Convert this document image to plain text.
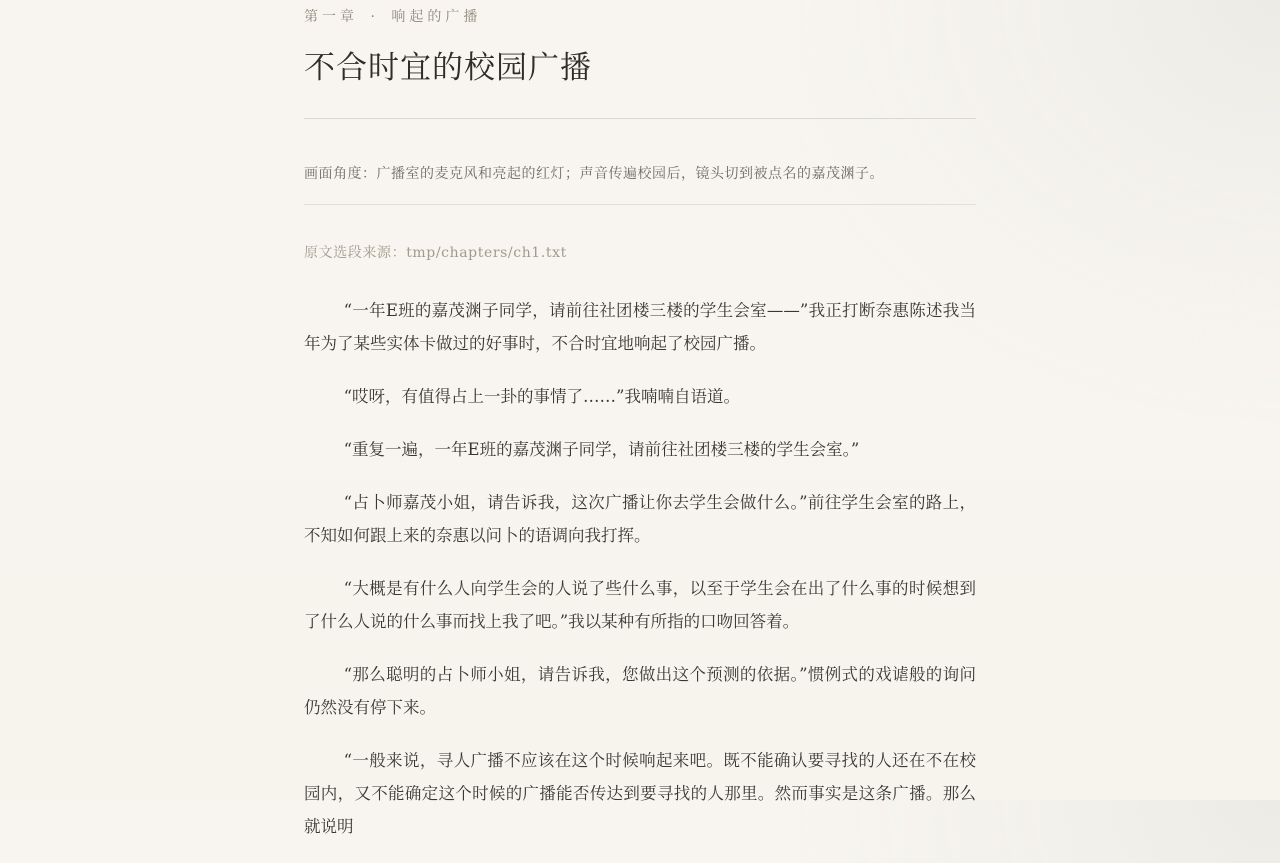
第一章 · 响起的广播
不合时宜的校园广播
画面角度：广播室的麦克风和亮起的红灯；声音传遍校园后，镜头切到被点名的嘉茂渊子。
原文选段来源：tmp/chapters/ch1.txt

“一年E班的嘉茂渊子同学，请前往社团楼三楼的学生会室——”我正打断奈惠陈述我当年为了某些实体卡做过的好事时，不合时宜地响起了校园广播。

“哎呀，有值得占上一卦的事情了……”我喃喃自语道。

“重复一遍，一年E班的嘉茂渊子同学，请前往社团楼三楼的学生会室。”

“占卜师嘉茂小姐，请告诉我，这次广播让你去学生会做什么。”前往学生会室的路上，不知如何跟上来的奈惠以问卜的语调向我打挥。

“大概是有什么人向学生会的人说了些什么事，以至于学生会在出了什么事的时候想到了什么人说的什么事而找上我了吧。”我以某种有所指的口吻回答着。

“那么聪明的占卜师小姐，请告诉我，您做出这个预测的依据。”惯例式的戏谑般的询问仍然没有停下来。

“一般来说，寻人广播不应该在这个时候响起来吧。既不能确认要寻找的人还在不在校园内，又不能确定这个时候的广播能否传达到要寻找的人那里。然而事实是这条广播。那么就说明
